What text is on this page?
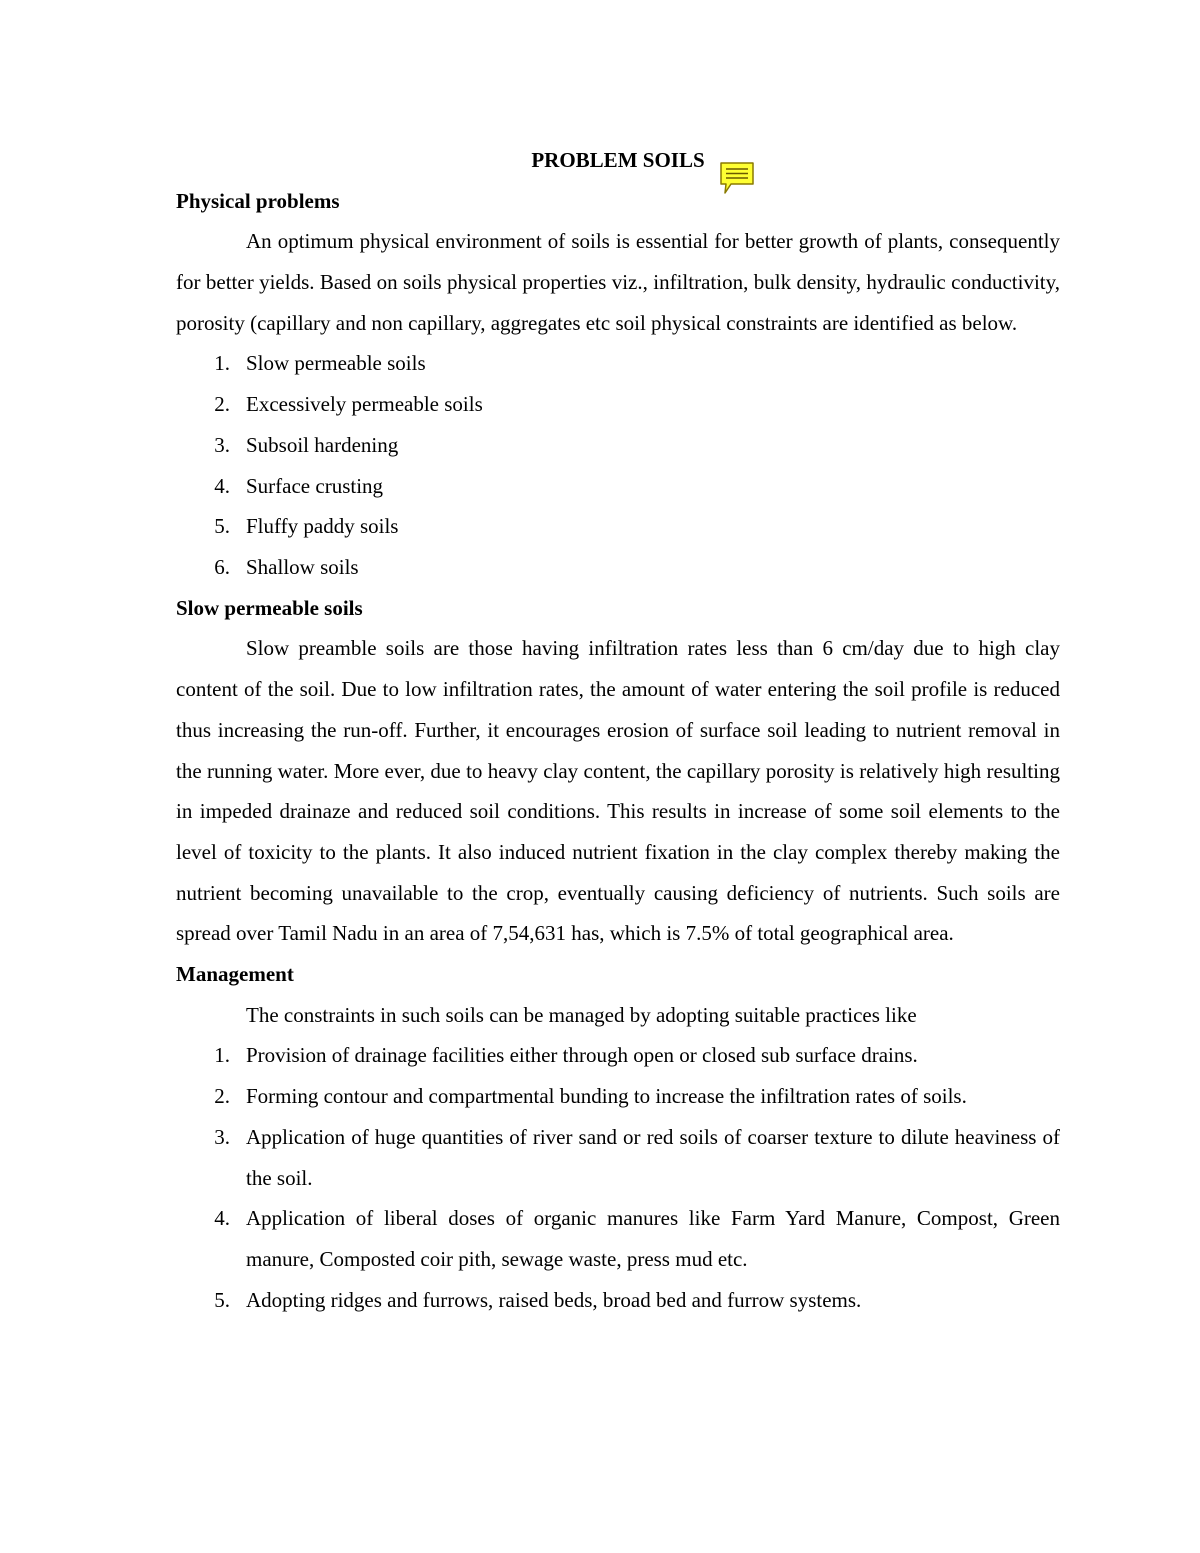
PROBLEM SOILS
Physical problems
An optimum physical environment of soils is essential for better growth of plants, consequently for better yields. Based on soils physical properties viz., infiltration, bulk density, hydraulic conductivity, porosity (capillary and non capillary, aggregates etc soil physical constraints are identified as below.
1. Slow permeable soils
2. Excessively permeable soils
3. Subsoil hardening
4. Surface crusting
5. Fluffy paddy soils
6. Shallow soils
Slow permeable soils
Slow preamble soils are those having infiltration rates less than 6 cm/day due to high clay content of the soil. Due to low infiltration rates, the amount of water entering the soil profile is reduced thus increasing the run-off. Further, it encourages erosion of surface soil leading to nutrient removal in the running water. More ever, due to heavy clay content, the capillary porosity is relatively high resulting in impeded drainaze and reduced soil conditions. This results in increase of some soil elements to the level of toxicity to the plants. It also induced nutrient fixation in the clay complex thereby making the nutrient becoming unavailable to the crop, eventually causing deficiency of nutrients. Such soils are spread over Tamil Nadu in an area of 7,54,631 has, which is 7.5% of total geographical area.
Management
The constraints in such soils can be managed by adopting suitable practices like
1. Provision of drainage facilities either through open or closed sub surface drains.
2. Forming contour and compartmental bunding to increase the infiltration rates of soils.
3. Application of huge quantities of river sand or red soils of coarser texture to dilute heaviness of the soil.
4. Application of liberal doses of organic manures like Farm Yard Manure, Compost, Green manure, Composted coir pith, sewage waste, press mud etc.
5. Adopting ridges and furrows, raised beds, broad bed and furrow systems.
